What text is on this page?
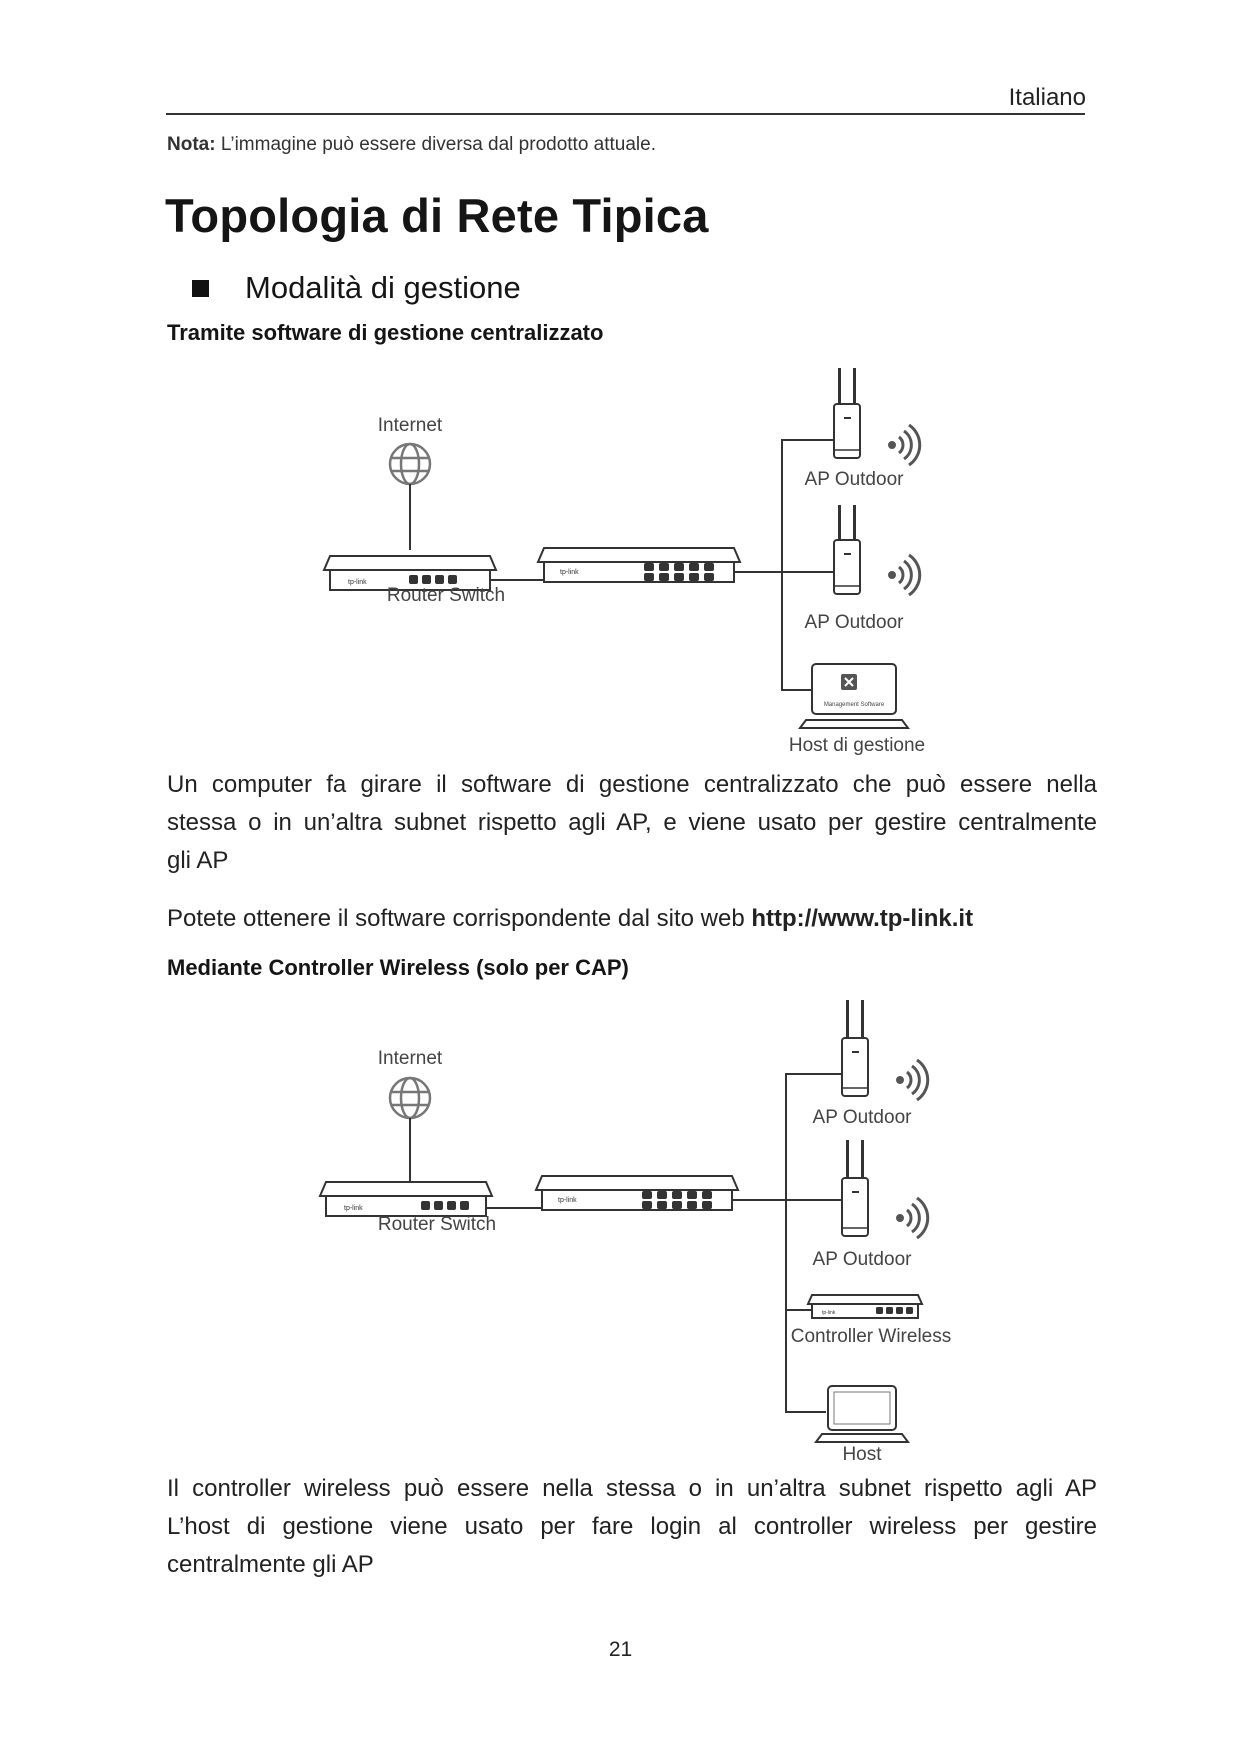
Italiano
Nota: L’immagine può essere diversa dal prodotto attuale.
Topologia di Rete Tipica
Modalità di gestione
Tramite software di gestione centralizzato
Internet
tp-link
tp-link
Router Switch
AP Outdoor
AP Outdoor
Management Software
Host di gestione
Un computer fa girare il software di gestione centralizzato che può essere nella
stessa o in un’altra subnet rispetto agli AP, e viene usato per gestire centralmente
gli AP
Potete ottenere il software corrispondente dal sito web http://www.tp-link.it
Mediante Controller Wireless (solo per CAP)
Internet
tp-link
tp-link
Router Switch
AP Outdoor
AP Outdoor
tp-link
Controller Wireless
Host
Il controller wireless può essere nella stessa o in un’altra subnet rispetto agli AP
L’host di gestione viene usato per fare login al controller wireless per gestire
centralmente gli AP
21
